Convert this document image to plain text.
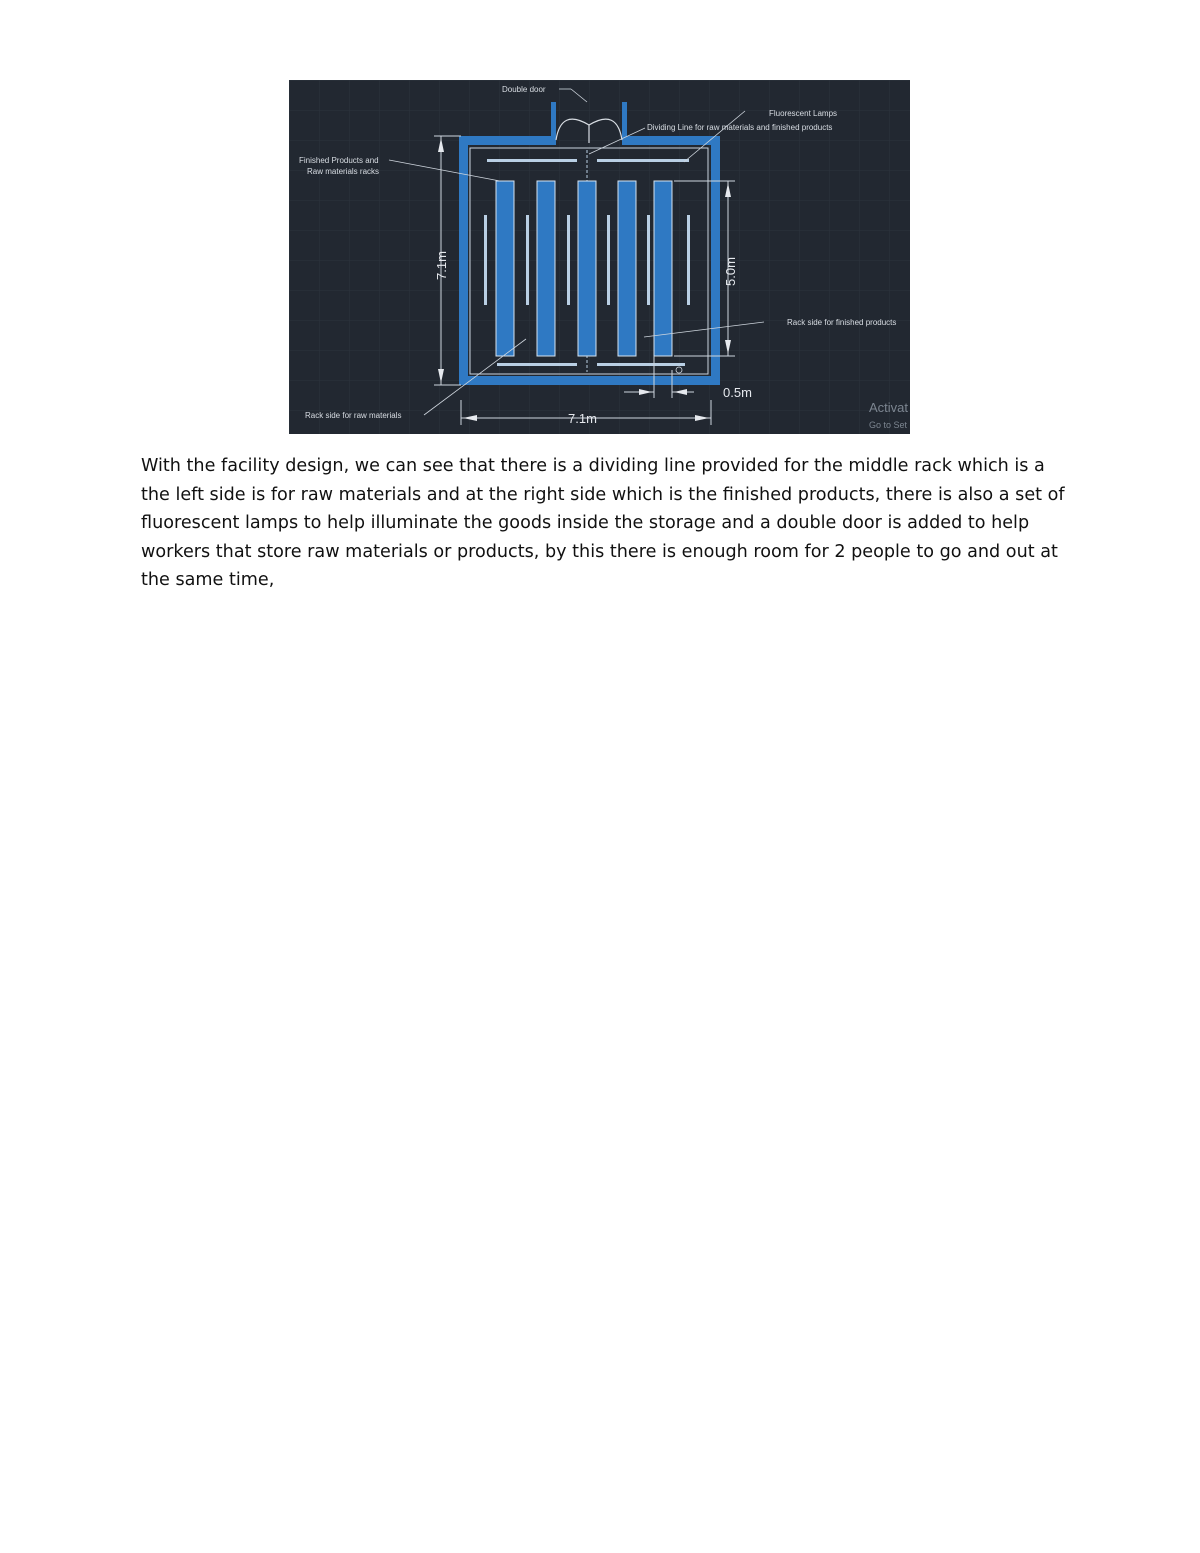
Double door
Fluorescent Lamps
Dividing Line for raw materials and finished products
Finished Products and
Raw materials racks
Rack side for finished products
Rack side for raw materials
7.1m	5.0m
0.5m
7.1m
Activat
Go to Set

With the facility design, we can see that there is a dividing line provided for the middle rack which is a the left side is for raw materials and at the right side which is the finished products, there is also a set of fluorescent lamps to help illuminate the goods inside the storage and a double door is added to help workers that store raw materials or products, by this there is enough room for 2 people to go and out at the same time,
